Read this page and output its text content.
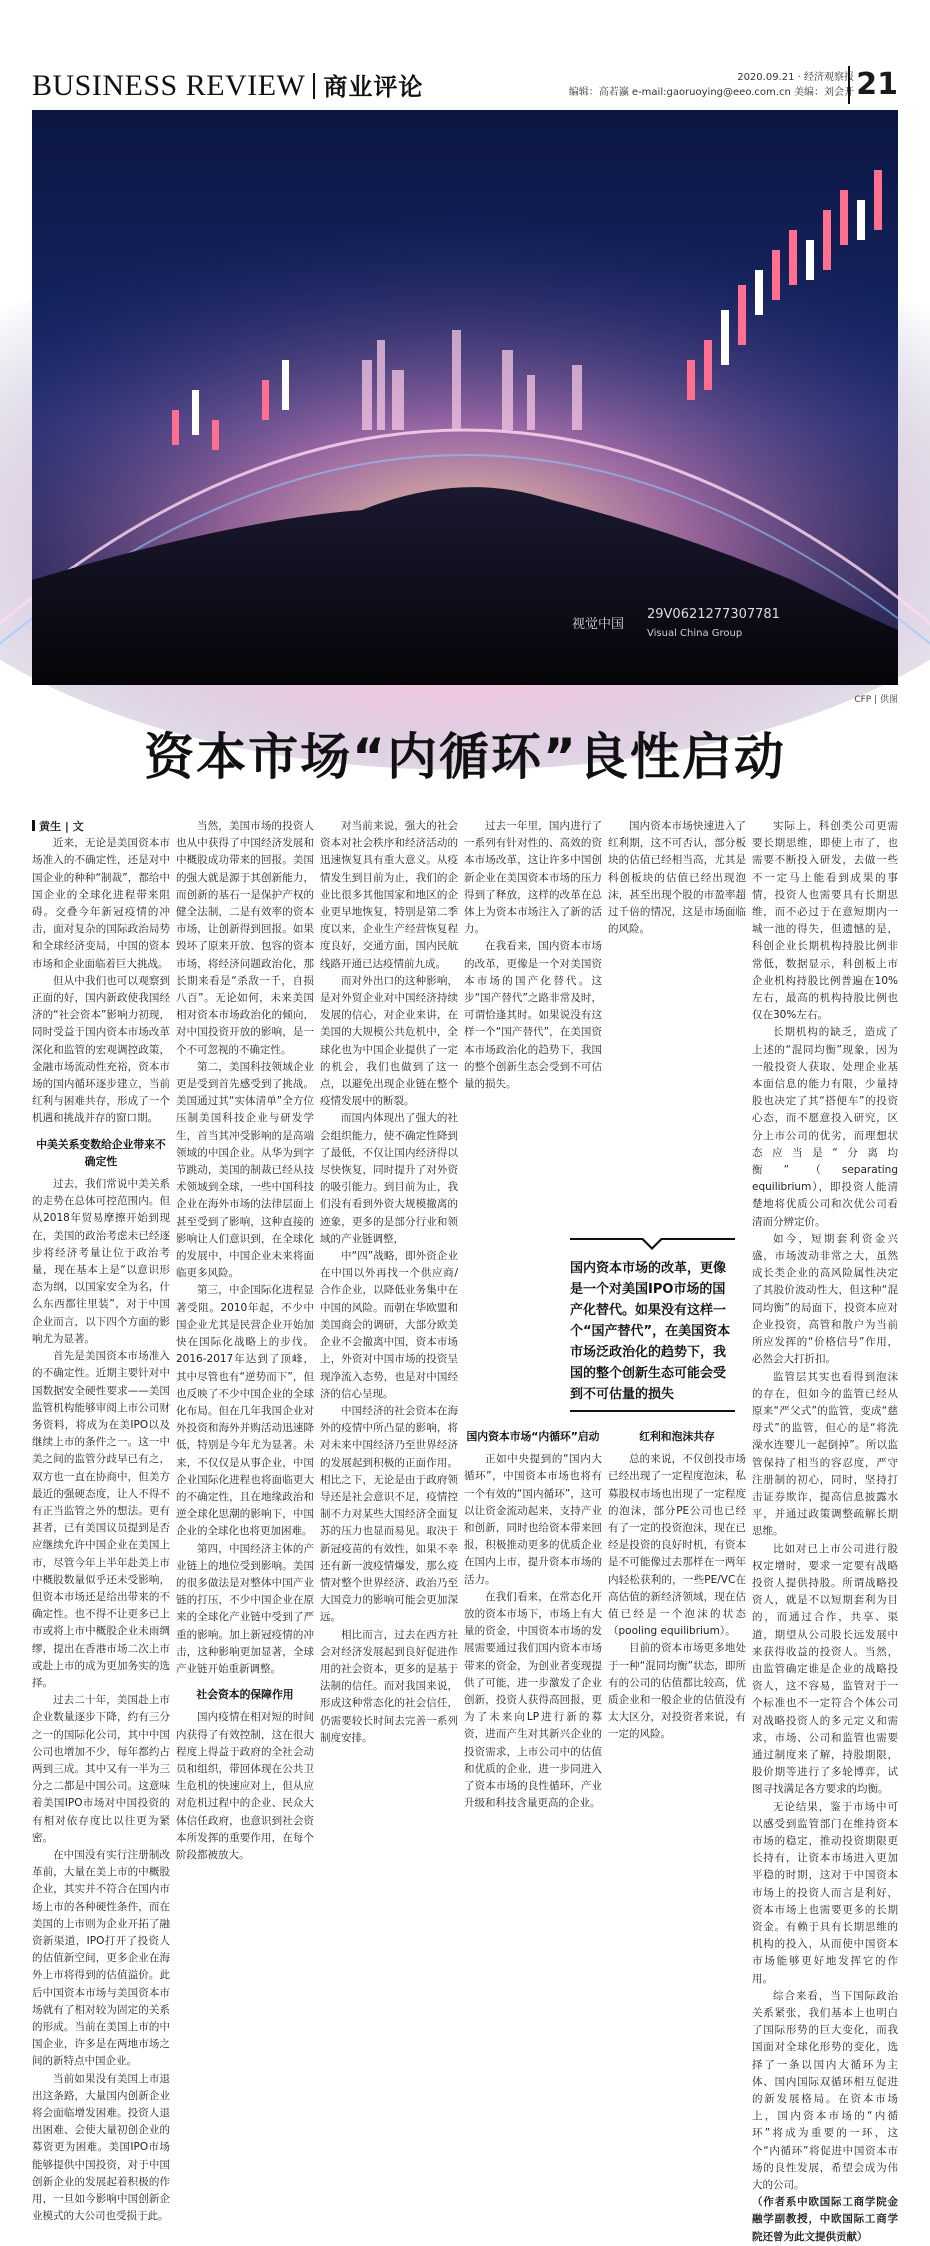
BUSINESS REVIEW 商业评论	2020.09.21 · 经济观察报
编辑：高若瀛 e-mail:gaoruoying@eeo.com.cn 美编：刘会开 21
29V0621277307781
Visual China Group
视觉中国
CFP | 供图
资本市场“内循环”良性启动

黄生 | 文

近来，无论是美国资本市场准入的不确定性，还是对中国企业的种种“制裁”，都给中国企业的全球化进程带来阻碍。交叠今年新冠疫情的冲击，面对复杂的国际政治局势和全球经济变局，中国的资本市场和企业面临着巨大挑战。

但从中我们也可以观察到正面的好，国内新政使我国经济的“社会资本”影响力初现，同时受益于国内资本市场改革深化和监管的宏观调控政策，金融市场流动性充裕，资本市场的国内循环逐步建立，当前红利与困难共存，形成了一个机遇和挑战并存的窗口期。

中美关系变数给企业带来不确定性

过去，我们常说中美关系的走势在总体可控范围内。但从2018年贸易摩擦开始到现在，美国的政治考虑未已经逐步将经济考量让位于政治考量，现在基本上是“以意识形态为纲，以国家安全为名，什么东西都往里装”，对于中国企业而言，以下四个方面的影响尤为显著。

首先是美国资本市场准入的不确定性。近期主要针对中国数据安全硬性要求——美国监管机构能够审阅上市公司财务资料，将成为在美IPO以及继续上市的条件之一。这一中美之间的监管分歧早已有之，双方也一直在协商中，但美方最近的强硬态度，让人不得不有正当监管之外的想法。更有甚者，已有美国议员提到是否应继续允许中国企业在美国上市，尽管今年上半年赴美上市中概股数量似乎还未受影响，但资本市场还是给出带来的不确定性。也不得不让更多已上市或将上市中概股企业未雨绸缪，提出在香港市场二次上市或赴上市的成为更加务实的选择。

过去二十年，美国赴上市企业数量逐步下降，约有三分之一的国际化公司，其中中国公司也增加不少，每年都约占两到三成。其中又有一半为三分之二都是中国公司。这意味着美国IPO市场对中国投资的有相对依存度比以往更为紧密。

在中国没有实行注册制改革前，大量在美上市的中概股企业，其实并不符合在国内市场上市的各种硬性条件，而在美国的上市则为企业开拓了融资新渠道，IPO打开了投资人的估值新空间，更多企业在海外上市将得到的估值溢价。此后中国资本市场与美国资本市场就有了相对较为固定的关系的形成。当前在美国上市的中国企业，许多是在两地市场之间的新特点中国企业。

当前如果没有美国上市退出这条路，大量国内创新企业将会面临增发困难。投资人退出困难、会使大量初创企业的募资更为困难。美国IPO市场能够提供中国投资，对于中国创新企业的发展起着积极的作用，一旦如今影响中国创新企业模式的大公司也受损于此。

当然，美国市场的投资人也从中获得了中国经济发展和中概股成功带来的回报。美国的强大就是源于其创新能力，而创新的基石一是保护产权的健全法制，二是有效率的资本市场，让创新得到回报。如果毁坏了原来开放、包容的资本市场，将经济问题政治化，那长期来看是“杀敌一千，自损八百”。无论如何，未来美国相对资本市场政治化的倾向，对中国投资开放的影响，是一个不可忽视的不确定性。

第二，美国科技领域企业更是受到首先感受到了挑战。美国通过其“实体清单”全方位压制美国科技企业与研发学生，首当其冲受影响的是高端领域的中国企业。从华为到字节跳动，美国的制裁已经从技术领域到全球，一些中国科技企业在海外市场的法律层面上甚至受到了影响，这种直接的影响让人们意识到，在全球化的发展中，中国企业未来将面临更多风险。

第三，中企国际化进程显著受阻。2010年起，不少中国企业尤其是民营企业开始加快在国际化战略上的步伐。2016-2017年达到了顶峰，其中尽管也有“逆势而下”，但也反映了不少中国企业的全球化布局。但在几年我国企业对外投资和海外并购活动迅速降低，特别是今年尤为显著。未来，不仅仅是从事企业，中国企业国际化进程也将面临更大的不确定性，且在地缘政治和逆全球化思潮的影响下，中国企业的全球化也将更加困难。

第四，中国经济主体的产业链上的地位受到影响。美国的很多做法是对整体中国产业链的打压，不少中国企业在原来的全球化产业链中受到了严重的影响。加上新冠疫情的冲击，这种影响更加显著，全球产业链开始重新调整。

社会资本的保障作用

国内疫情在相对短的时间内获得了有效控制，这在很大程度上得益于政府的全社会动员和组织，带回体现在公共卫生危机的快速应对上，但从应对危机过程中的企业、民众大体信任政府，也意识到社会资本所发挥的重要作用，在每个阶段都被放大。

对当前来说，强大的社会资本对社会秩序和经济活动的迅速恢复具有重大意义。从疫情发生到目前为止，我们的企业比很多其他国家和地区的企业更早地恢复，特别是第二季度以来，企业生产经营恢复程度良好，交通方面，国内民航线路开通已达疫情前九成。

而对外出口的这种影响，是对外贸企业对中国经济持续发展的信心，对企业来讲，在美国的大规模公共危机中，全球化也为中国企业提供了一定的机会，我们也做到了这一点，以避免出现企业链在整个疫情发展中的断裂。

而国内体现出了强大的社会组织能力，使不确定性降到了最低，不仅让国内经济得以尽快恢复，同时提升了对外资的吸引能力。到目前为止，我们没有看到外资大规模撤离的迹象，更多的是部分行业和领域的产业链调整，

中“四”战略，即外资企业在中国以外再找一个供应商/合作企业，以降低业务集中在中国的风险。而朝在华欧盟和美国商会的调研，大部分欧美企业不会撤离中国，资本市场上，外资对中国市场的投资呈现净流入态势，也是对中国经济的信心呈现。

中国经济的社会资本在海外的疫情中所凸显的影响，将对未来中国经济乃至世界经济的发展起到积极的正面作用。相比之下，无论是由于政府领导还是社会意识不足，疫情控制不力对某些大国经济全面复苏的压力也显而易见。取决于新冠疫苗的有效性，如果不幸还有新一波疫情爆发，那么疫情对整个世界经济、政治乃至大国竞力的影响可能会更加深远。

相比而言，过去在西方社会对经济发展起到良好促进作用的社会资本，更多的是基于法制的信任。而对我国来说，形成这种常态化的社会信任，仍需要较长时间去完善一系列制度安排。

过去一年里，国内进行了一系列有针对性的、高效的资本市场改革，这让许多中国创新企业在美国资本市场的压力得到了释放，这样的改革在总体上为资本市场注入了新的活力。

在我看来，国内资本市场的改革，更像是一个对美国资本市场的国产化替代。这步“国产替代”之路非常及时，可谓恰逢其时。如果说没有这样一个“国产替代”，在美国资本市场政治化的趋势下，我国的整个创新生态会受到不可估量的损失。

国内资本市场“内循环”启动

正如中央提到的“国内大循环”，中国资本市场也将有一个有效的“国内循环”，这可以让资金流动起来，支持产业和创新，同时也给资本带来回报，积极推动更多的优质企业在国内上市，提升资本市场的活力。

在我们看来，在常态化开放的资本市场下，市场上有大量的资金，中国资本市场的发展需要通过我们国内资本市场带来的资金，为创业者变现提供了可能，进一步激发了企业创新，投资人获得高回报，更为了未来向LP进行新的募资，进而产生对其新兴企业的投资需求，上市公司中的估值和优质的企业，进一步同进入了资本市场的良性循环，产业升级和科技含量更高的企业。

国内资本市场快速进入了红利期，这不可否认，部分板块的估值已经相当高，尤其是科创板块的估值已经出现泡沫，甚至出现个股的市盈率超过千倍的情况，这是市场面临的风险。

红利和泡沫共存

总的来说，不仅创投市场已经出现了一定程度泡沫，私募股权市场也出现了一定程度的泡沫，部分PE公司也已经有了一定的投资泡沫，现在已经是投资的良好时机，有资本是不可能像过去那样在一两年内轻松获利的，一些PE/VC在高估值的新经济领域，现在估值已经是一个泡沫的状态（pooling equilibrium）。

目前的资本市场更多地处于一种“混同均衡”状态，即所有的公司的估值都比较高，优质企业和一般企业的估值没有太大区分，对投资者来说，有一定的风险。

实际上，科创类公司更需要长期思维，即使上市了，也需要不断投入研发，去做一些不一定马上能看到成果的事情，投资人也需要具有长期思维，而不必过于在意短期内一城一池的得失，但遗憾的是，科创企业长期机构持股比例非常低，数据显示，科创板上市企业机构持股比例普遍在10%左右，最高的机构持股比例也仅在30%左右。

长期机构的缺乏，造成了上述的“混同均衡”现象，因为一般投资人获取、处理企业基本面信息的能力有限，少量持股也决定了其“搭便车”的投资心态，而不愿意投入研究，区分上市公司的优劣，而理想状态应当是“分离均衡”（separating equilibrium），即投资人能清楚地将优质公司和次优公司看清而分辨定价。

如今，短期套利资金兴盛，市场波动非常之大，虽然成长类企业的高风险属性决定了其股价波动性大，但这种“混同均衡”的局面下，投资本应对企业投资，高管和散户为当前所应发挥的“价格信号”作用，必然会大打折扣。

监管层其实也看得到泡沫的存在，但如今的监管已经从原来“严父式”的监管，变成“慈母式”的监管，但心的是“将洗澡水连婴儿一起倒掉”。所以监管保持了相当的容忍度，严守注册制的初心，同时，坚持打击证券欺诈，提高信息披露水平，并通过政策调整疏解长期思维。

比如对已上市公司进行股权定增时，要求一定要有战略投资人提供持股。所谓战略投资人，就是不以短期套利为目的，而通过合作，共享、渠道，期望从公司股长远发展中来获得收益的投资人。当然，由监管确定谁是企业的战略投资人，这不容易，监管对于一个标准也不一定符合个体公司对战略投资人的多元定义和需求，市场、公司和监管也需要通过制度来了解，持股期限，股价期等进行了多轮博弈，试图寻找满足各方要求的均衡。

无论结果，鉴于市场中可以感受到监管部门在维持资本市场的稳定，推动投资期限更长持有，让资本市场进入更加平稳的时期，这对于中国资本市场上的投资人而言是利好，资本市场上也需要更多的长期资金。有赖于具有长期思维的机构的投入，从而使中国资本市场能够更好地发挥它的作用。

综合来看，当下国际政治关系紧张，我们基本上也明白了国际形势的巨大变化，而我国面对全球化形势的变化，选择了一条以国内大循环为主体、国内国际双循环相互促进的新发展格局。在资本市场上，国内资本市场的“内循环”将成为重要的一环，这个“内循环”将促进中国资本市场的良性发展，希望会成为伟大的公司。

（作者系中欧国际工商学院金融学副教授，中欧国际工商学院还曾为此文提供贡献）

国内资本市场的改革，更像是一个对美国IPO市场的国产化替代。如果没有这样一个“国产替代”，在美国资本市场泛政治化的趋势下，我国的整个创新生态可能会受到不可估量的损失
